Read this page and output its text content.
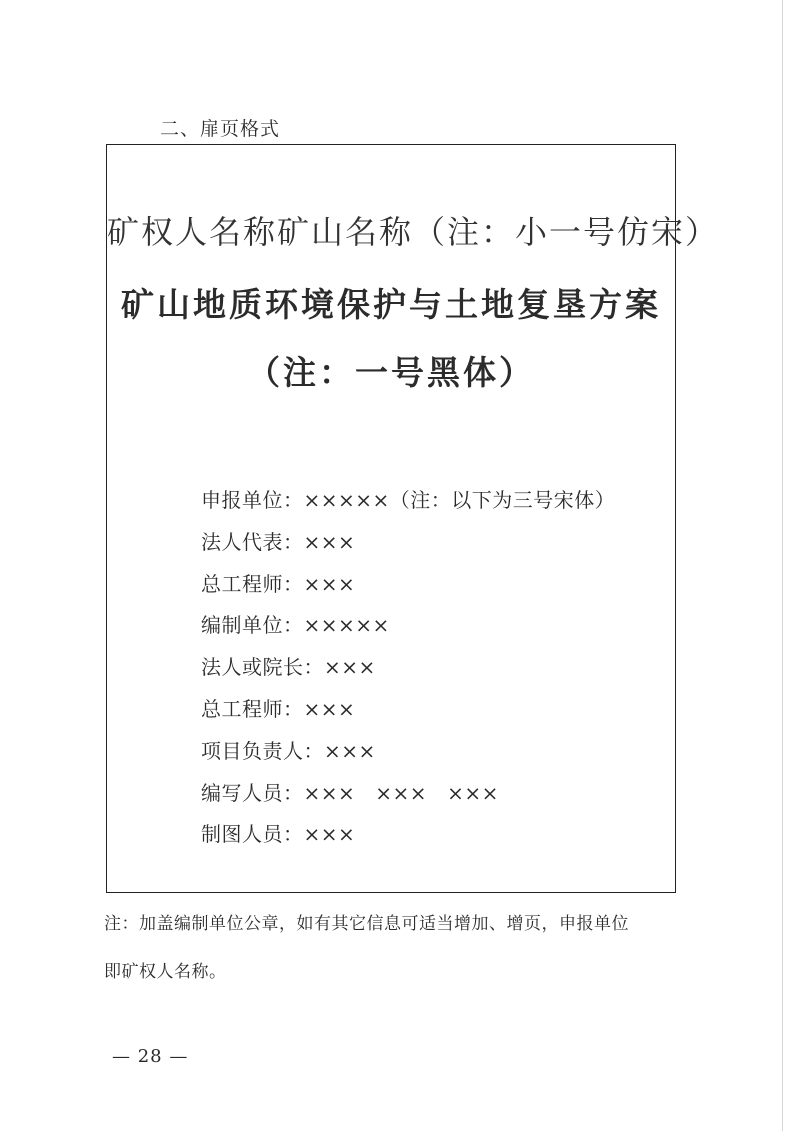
二、扉页格式
矿权人名称矿山名称（注：小一号仿宋）
矿山地质环境保护与土地复垦方案
（注：一号黑体）
申报单位：×××××（注：以下为三号宋体）
法人代表：×××
总工程师：×××
编制单位：×××××
法人或院长：×××
总工程师：×××
项目负责人：×××
编写人员：××× ××× ×××
制图人员：×××
注：加盖编制单位公章，如有其它信息可适当增加、增页，申报单位
即矿权人名称。
— 28 —
